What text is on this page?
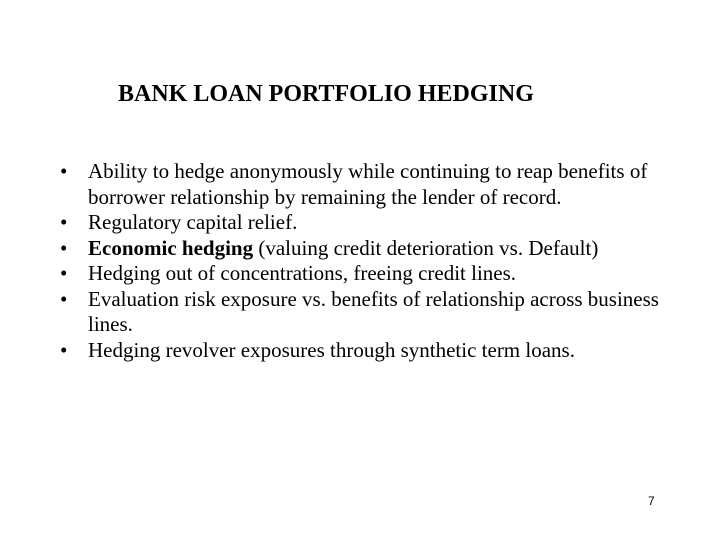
BANK LOAN PORTFOLIO HEDGING
• Ability to hedge anonymously while continuing to reap benefits of borrower relationship by remaining the lender of record.
• Regulatory capital relief.
• Economic hedging (valuing credit deterioration vs. Default)
• Hedging out of concentrations, freeing credit lines.
• Evaluation risk exposure vs. benefits of relationship across business lines.
• Hedging revolver exposures through synthetic term loans.
7
